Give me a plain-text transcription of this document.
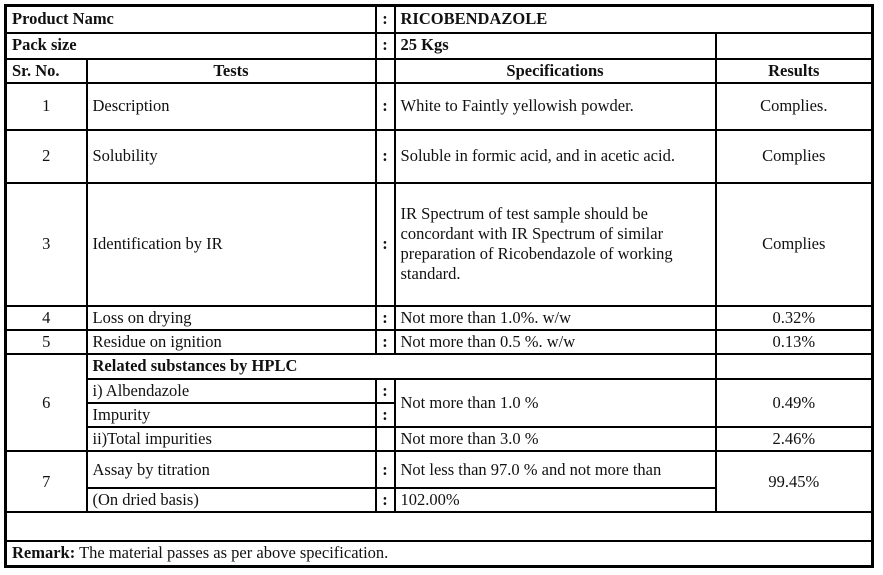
Product Namc		:	RICOBENDAZOLE	
Pack size		:	25 Kgs	
Sr. No.	Tests		Specifications	Results
1	Description	:	White to Faintly yellowish powder.	Complies.
2	Solubility	:	Soluble in formic acid, and in acetic acid.	Complies
3	Identification by IR	:	IR Spectrum of test sample should be concordant with IR Spectrum of similar preparation of Ricobendazole of working standard.	Complies
4	Loss on drying	:	Not more than 1.0%. w/w	0.32%
5	Residue on ignition	:	Not more than 0.5 %. w/w	0.13%
6	Related substances by HPLC			
	i) Albendazole	:	Not more than 1.0 %	0.49%
	Impurity	:		
	ii)Total impurities		Not more than 3.0 %	2.46%
7	Assay by titration	:	Not less than 97.0 % and not more than	99.45%
	(On dried basis)	:	102.00%	

Remark: The material passes as per above specification.				
